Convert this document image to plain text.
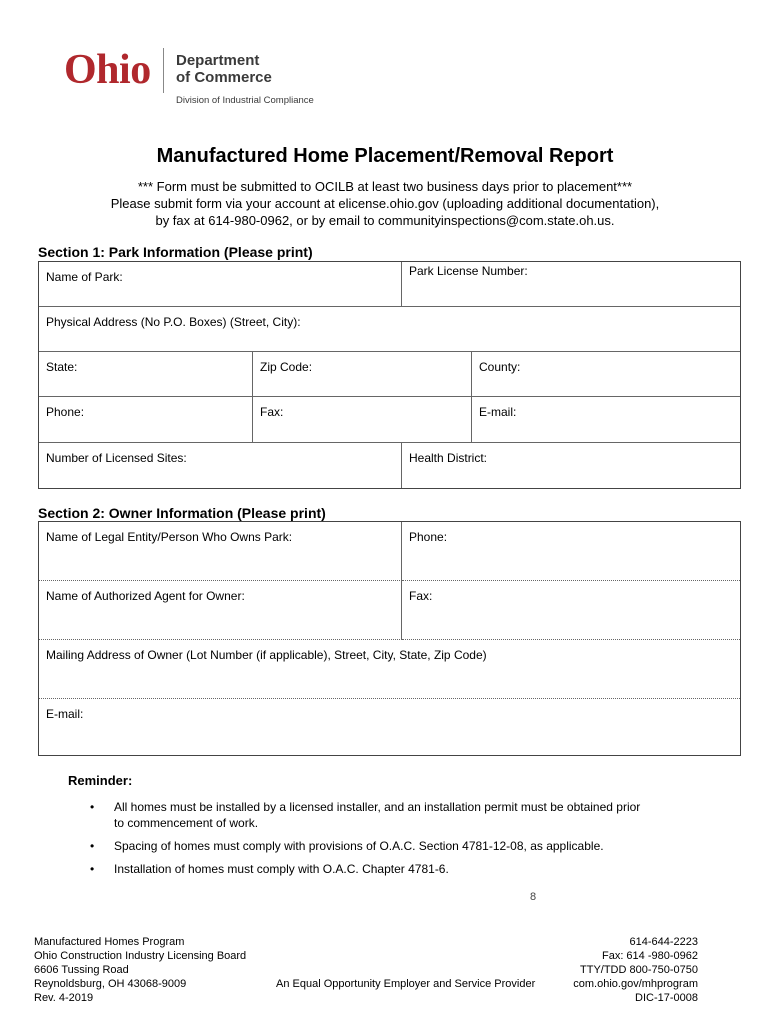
Ohio Department
of Commerce
Division of Industrial Compliance
Manufactured Home Placement/Removal Report
*** Form must be submitted to OCILB at least two business days prior to placement***
Please submit form via your account at elicense.ohio.gov (uploading additional documentation),
by fax at 614-980-0962, or by email to communityinspections@com.state.oh.us.
Section 1: Park Information (Please print)
Name of Park:	Park License Number:
Physical Address (No P.O. Boxes) (Street, City):
State:	Zip Code:	County:
Phone:	Fax:	E-mail:
Number of Licensed Sites:	Health District:
Section 2: Owner Information (Please print)
Name of Legal Entity/Person Who Owns Park:	Phone:
Name of Authorized Agent for Owner:	Fax:
Mailing Address of Owner (Lot Number (if applicable), Street, City, State, Zip Code)
E-mail:
Reminder:
• All homes must be installed by a licensed installer, and an installation permit must be obtained prior to commencement of work.
• Spacing of homes must comply with provisions of O.A.C. Section 4781-12-08, as applicable.
• Installation of homes must comply with O.A.C. Chapter 4781-6.
8
Manufactured Homes Program
Ohio Construction Industry Licensing Board
6606 Tussing Road
Reynoldsburg, OH 43068-9009
Rev. 4-2019
An Equal Opportunity Employer and Service Provider
614-644-2223
Fax: 614 -980-0962
TTY/TDD 800-750-0750
com.ohio.gov/mhprogram
DIC-17-0008
